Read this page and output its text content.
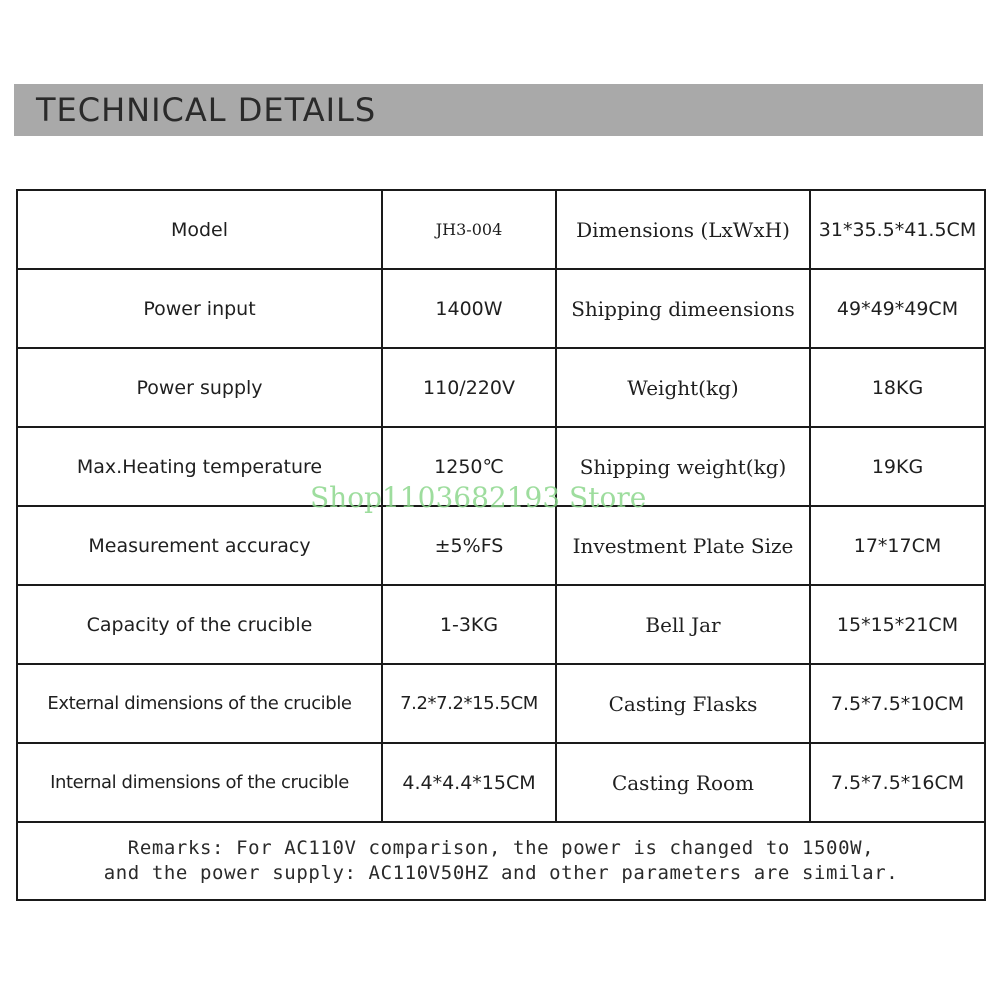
TECHNICAL DETAILS
Model	JH3-004	Dimensions (LxWxH)	31*35.5*41.5CM
Power input	1400W	Shipping dimeensions	49*49*49CM
Power supply	110/220V	Weight(kg)	18KG
Max.Heating temperature	1250℃	Shipping weight(kg)	19KG
Measurement accuracy	±5%FS	Investment Plate Size	17*17CM
Capacity of the crucible	1-3KG	Bell Jar	15*15*21CM
External dimensions of the crucible	7.2*7.2*15.5CM	Casting Flasks	7.5*7.5*10CM
Internal dimensions of the crucible	4.4*4.4*15CM	Casting Room	7.5*7.5*16CM

Remarks: For AC110V comparison, the power is changed to 1500W,
and the power supply: AC110V50HZ and other parameters are similar.			
Shop1103682193 Store
